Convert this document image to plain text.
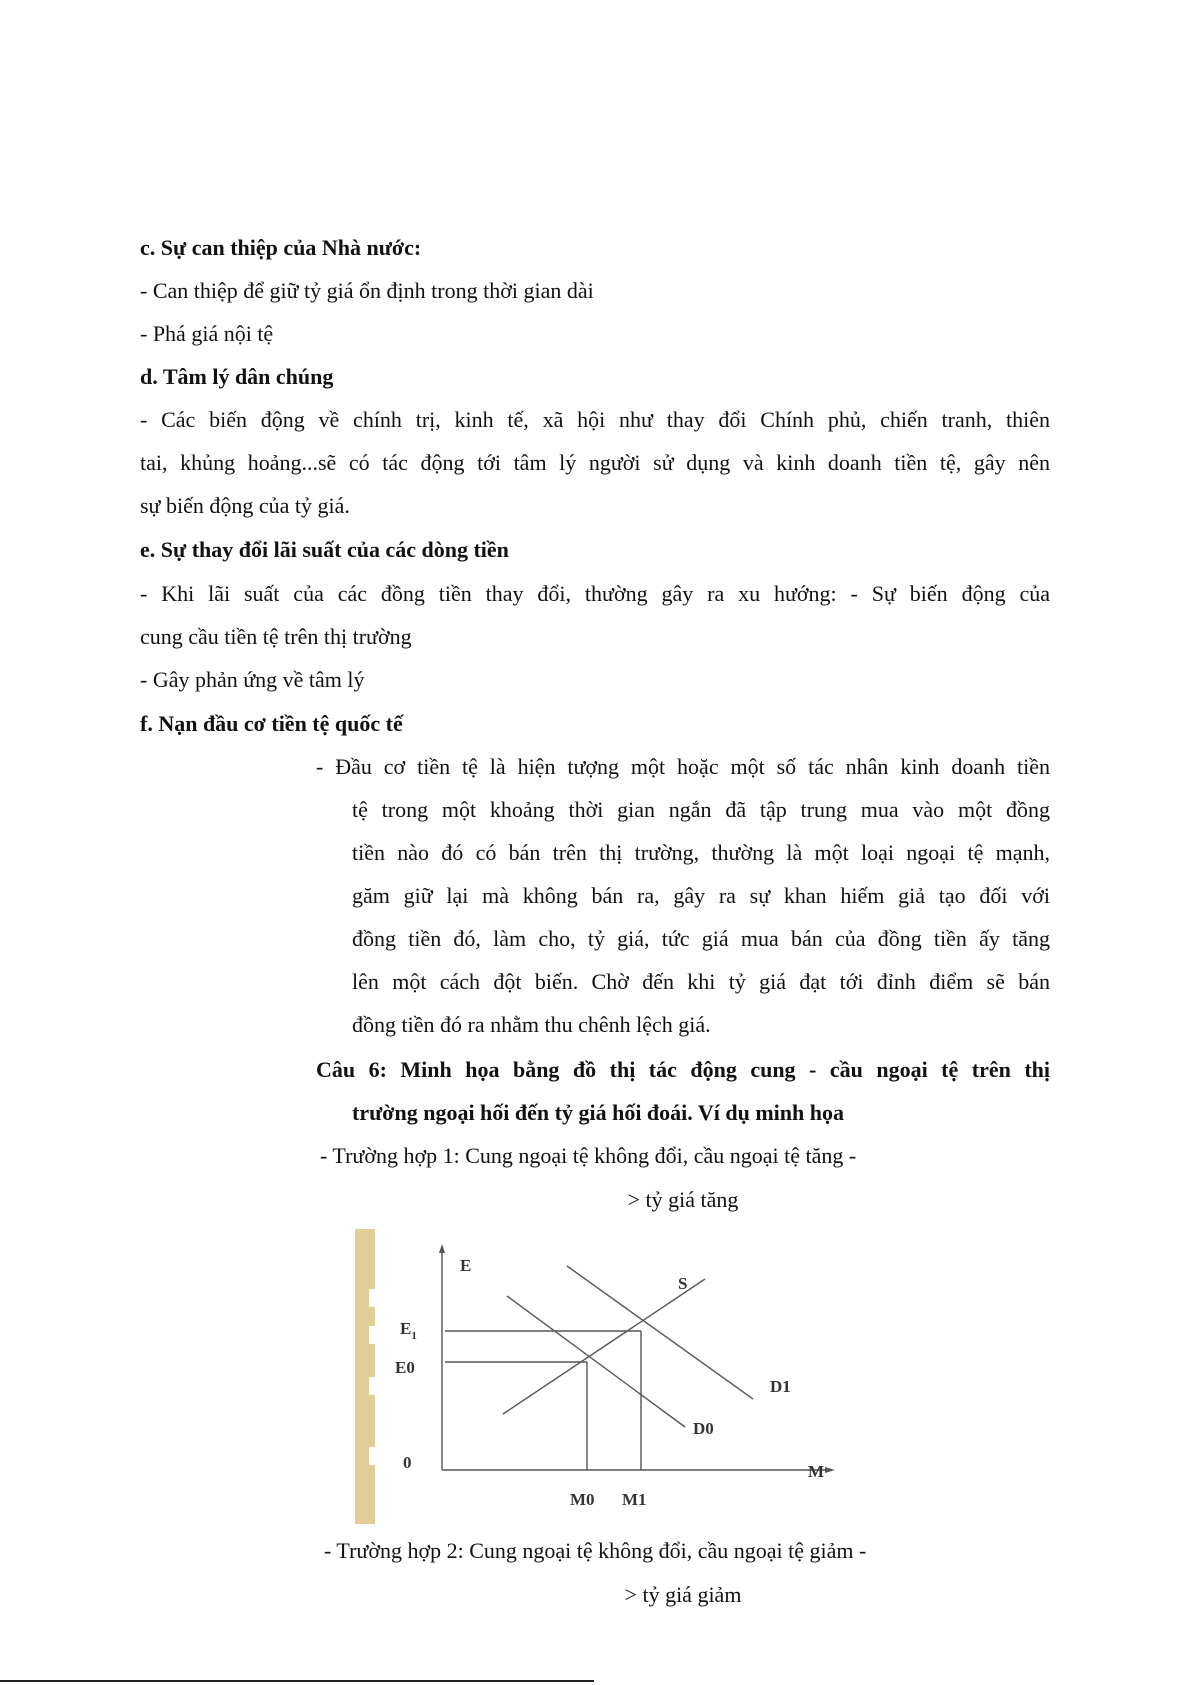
c. Sự can thiệp của Nhà nước:
- Can thiệp để giữ tỷ giá ổn định trong thời gian dài
- Phá giá nội tệ
d. Tâm lý dân chúng
- Các biến động về chính trị, kinh tế, xã hội như thay đổi Chính phủ, chiến tranh, thiên
tai, khủng hoảng...sẽ có tác động tới tâm lý người sử dụng và kinh doanh tiền tệ, gây nên
sự biến động của tỷ giá.
e. Sự thay đổi lãi suất của các dòng tiền
- Khi lãi suất của các đồng tiền thay đổi, thường gây ra xu hướng: - Sự biến động của
cung cầu tiền tệ trên thị trường
- Gây phản ứng về tâm lý
f. Nạn đầu cơ tiền tệ quốc tế
- Đầu cơ tiền tệ là hiện tượng một hoặc một số tác nhân kinh doanh tiền
tệ trong một khoảng thời gian ngắn đã tập trung mua vào một đồng
tiền nào đó có bán trên thị trường, thường là một loại ngoại tệ mạnh,
găm giữ lại mà không bán ra, gây ra sự khan hiếm giả tạo đối với
đồng tiền đó, làm cho, tỷ giá, tức giá mua bán của đồng tiền ấy tăng
lên một cách đột biến. Chờ đến khi tỷ giá đạt tới đỉnh điểm sẽ bán
đồng tiền đó ra nhằm thu chênh lệch giá.
Câu 6: Minh họa bằng đồ thị tác động cung - cầu ngoại tệ trên thị
trường ngoại hối đến tỷ giá hối đoái. Ví dụ minh họa
- Trường hợp 1: Cung ngoại tệ không đổi, cầu ngoại tệ tăng -
> tỷ giá tăng
E
$E_1$
E0
0
M0 M1
S
D1
D0
M
- Trường hợp 2: Cung ngoại tệ không đổi, cầu ngoại tệ giảm -
> tỷ giá giảm
